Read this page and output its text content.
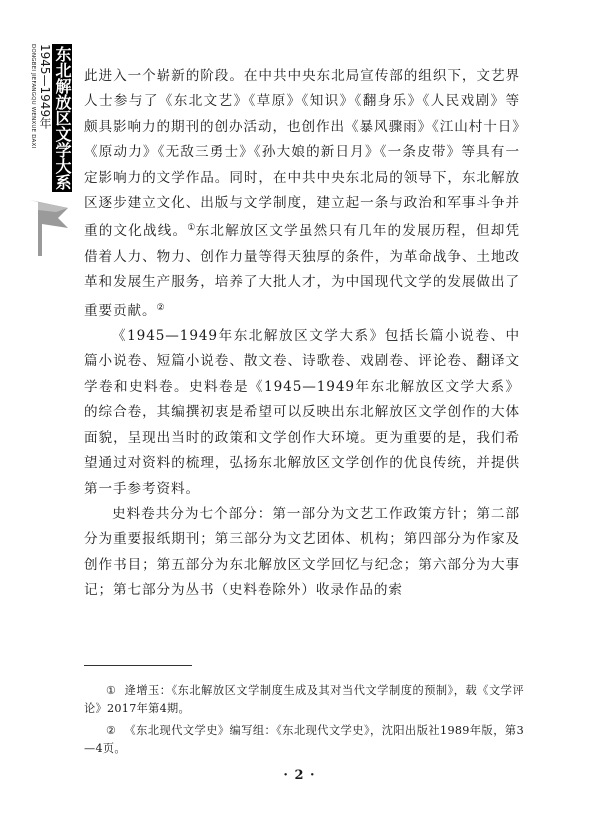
DONGBEI JIEFANGQU WENXUE DAXI 1945—1949年 东北解放区文学大系 此进入一个崭新的阶段。在中共中央东北局宣传部的组织下，文艺界人士参与了《东北文艺》《草原》《知识》《翻身乐》《人民戏剧》等颇具影响力的期刊的创办活动，也创作出《暴风骤雨》《江山村十日》《原动力》《无敌三勇士》《孙大娘的新日月》《一条皮带》等具有一定影响力的文学作品。同时，在中共中央东北局的领导下，东北解放区逐步建立文化、出版与文学制度，建立起一条与政治和军事斗争并重的文化战线。①东北解放区文学虽然只有几年的发展历程，但却凭借着人力、物力、创作力量等得天独厚的条件，为革命战争、土地改革和发展生产服务，培养了大批人才，为中国现代文学的发展做出了重要贡献。②

《1945—1949年东北解放区文学大系》包括长篇小说卷、中篇小说卷、短篇小说卷、散文卷、诗歌卷、戏剧卷、评论卷、翻译文学卷和史料卷。史料卷是《1945—1949年东北解放区文学大系》的综合卷，其编撰初衷是希望可以反映出东北解放区文学创作的大体面貌，呈现出当时的政策和文学创作大环境。更为重要的是，我们希望通过对资料的梳理，弘扬东北解放区文学创作的优良传统，并提供第一手参考资料。

史料卷共分为七个部分：第一部分为文艺工作政策方针；第二部分为重要报纸期刊；第三部分为文艺团体、机构；第四部分为作家及创作书目；第五部分为东北解放区文学回忆与纪念；第六部分为大事记；第七部分为丛书（史料卷除外）收录作品的索

① 逄增玉：《东北解放区文学制度生成及其对当代文学制度的预制》，载《文学评论》2017年第4期。

② 《东北现代文学史》编写组：《东北现代文学史》，沈阳出版社1989年版，第3—4页。

· 2 ·
